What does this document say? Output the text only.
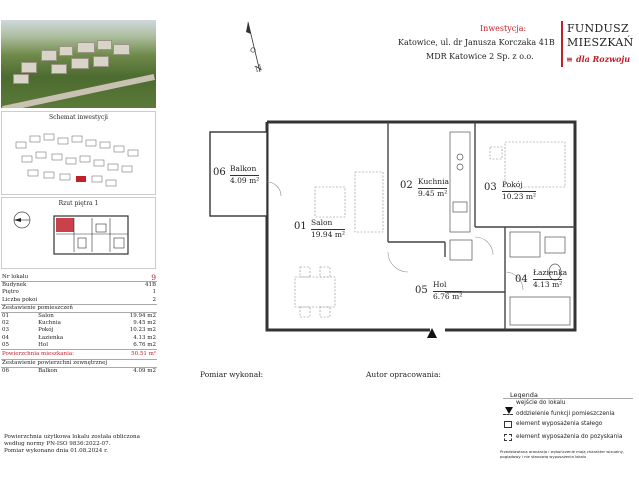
Schemat inwestycji
Rzut piętra 1
Nr lokalu		9
Budynek		41B
Piętro		1
Liczba pokoi		2
Zestawienie pomieszczeń		
01	Salon	19.94 m2
02	Kuchnia	9.45 m2
03	Pokój	10.23 m2
04	Łazienka	4.13 m2
05	Hol	6.76 m2
Powierzchnia mieszkania:		50.51 m²
Zestawienie powierzchni zewnętrznej		
06	Balkon	4.09 m2
Powierzchnia użytkowa lokalu została obliczona
według normy PN-ISO 9836:2022-07.
Pomiar wykonano dnia 01.08.2024 r.
Inwestycja:
Katowice, ul. dr Janusza Korczaka 41B
MDR Katowice 2 Sp. z o.o.
FUNDUSZ
MIESZKAŃ
≡ dla Rozwoju
N
06 Balkon
4.09 m²
01 Salon
19.94 m²
02 Kuchnia
9.45 m²
03 Pokój
10.23 m²
04
Łazienka
4.13 m²
05
Hol
6.76 m²
Pomiar wykonał:	Autor opracowania:
Legenda
wejście do lokalu
oddzielenie funkcji pomieszczenia
element wyposażenia stałego
element wyposażenia do pozyskania
Przedstawiona aranżacja i wykończenie mają charakter wizualny,
poglądowy i nie stanowią wyposażenia lokalu
